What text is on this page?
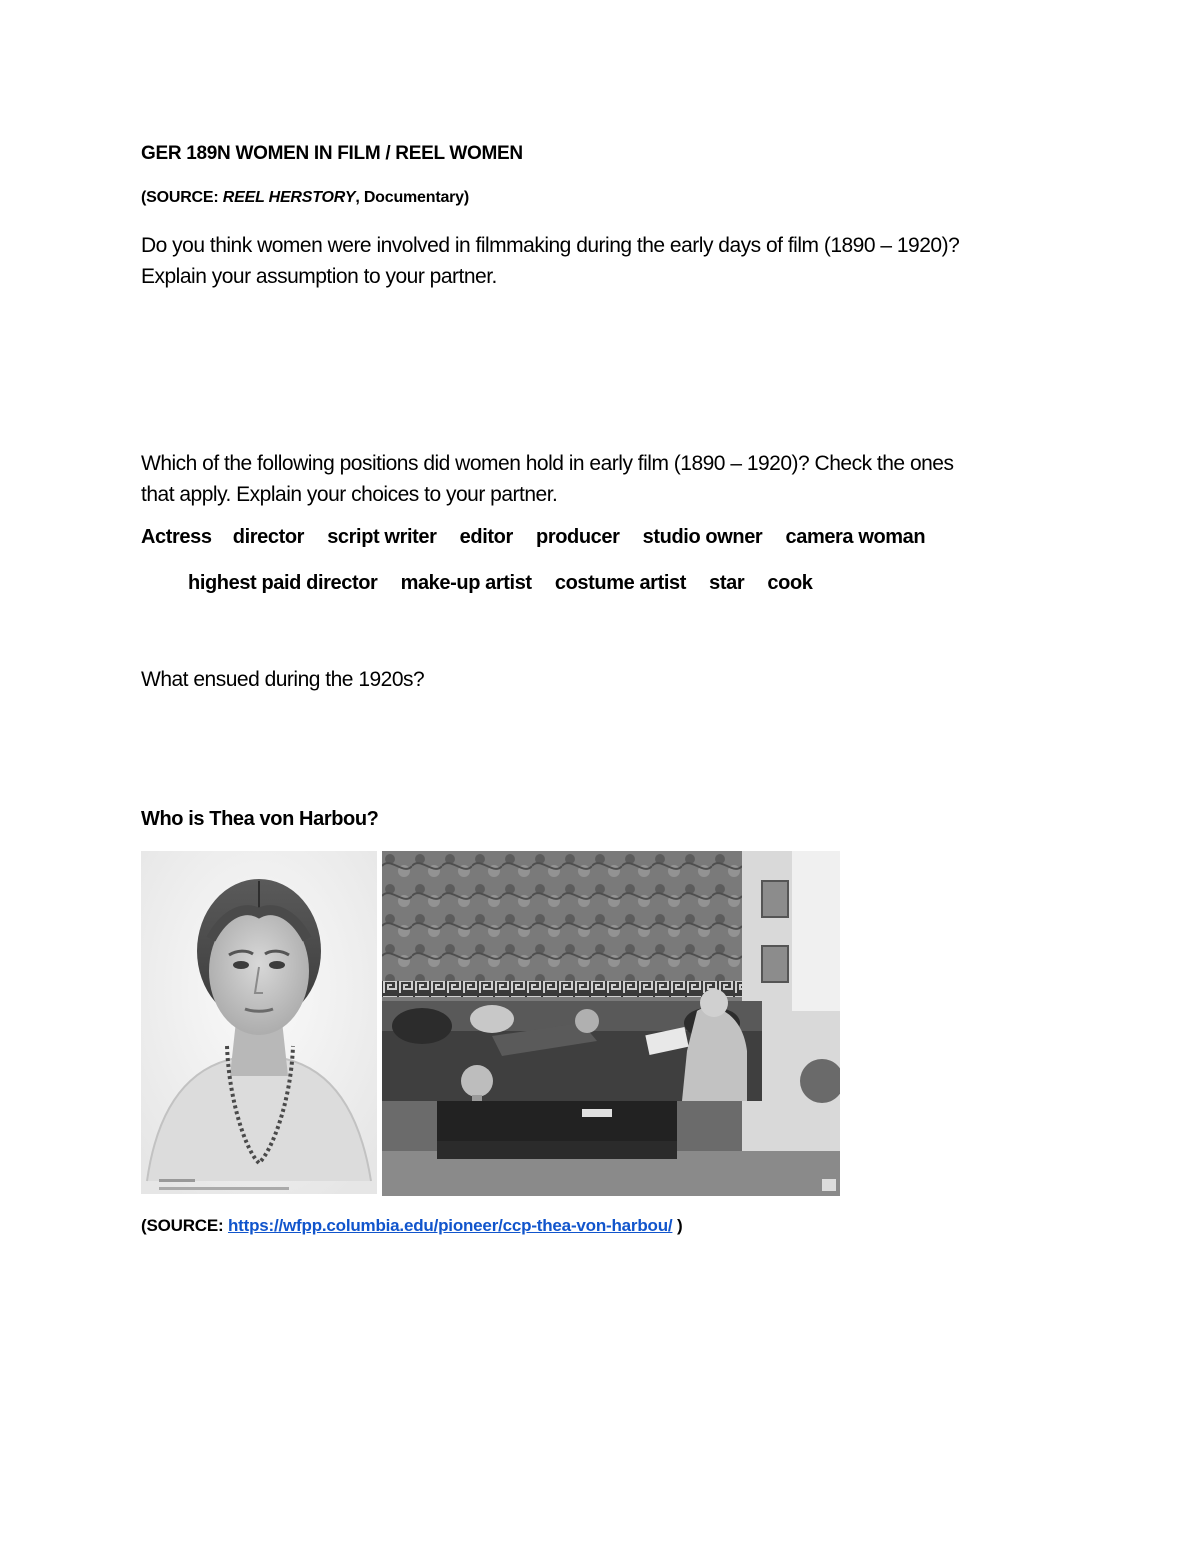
GER 189N WOMEN IN FILM / REEL WOMEN
(SOURCE: REEL HERSTORY, Documentary)
Do you think women were involved in filmmaking during the early days of film (1890 – 1920)?
Explain your assumption to your partner.
Which of the following positions did women hold in early film (1890 – 1920)? Check the ones
that apply. Explain your choices to your partner.
Actress director script writer editor producer studio owner camera woman
highest paid director make-up artist costume artist star cook
What ensued during the 1920s?
Who is Thea von Harbou?
(SOURCE: https://wfpp.columbia.edu/pioneer/ccp-thea-von-harbou/ )
